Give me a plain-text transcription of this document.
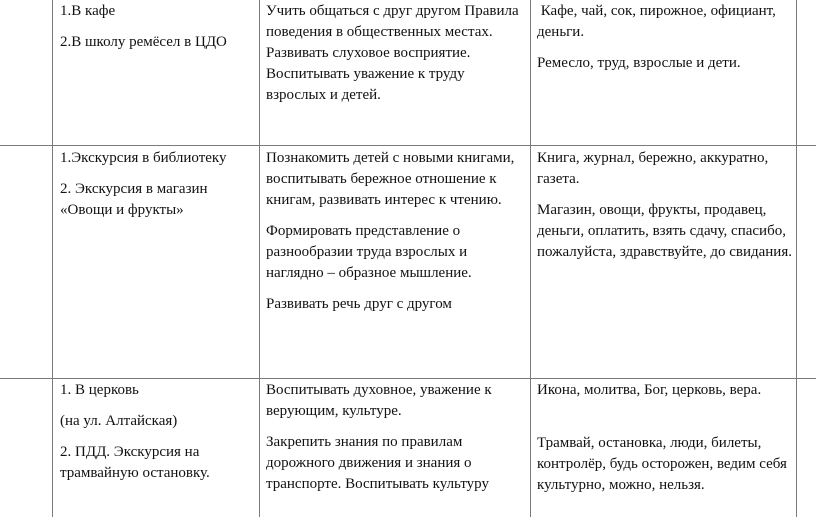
1.В кафе

2.В школу ремёсел в ЦДО

Учить общаться с друг другом Правила поведения в общественных местах. Развивать слуховое восприятие. Воспитывать уважение к труду взрослых и детей.

Кафе, чай, сок, пирожное, официант, деньги.

Ремесло, труд, взрослые и дети.

1.Экскурсия в библиотеку

2. Экскурсия в магазин «Овощи и фрукты»

Познакомить детей с новыми книгами, воспитывать бережное отношение к книгам, развивать интерес к чтению.

Формировать представление о разнообразии труда взрослых и наглядно – образное мышление.

Развивать речь друг с другом

Книга, журнал, бережно, аккуратно, газета.

Магазин, овощи, фрукты, продавец, деньги, оплатить, взять сдачу, спасибо, пожалуйста, здравствуйте, до свидания.

1. В церковь

(на ул. Алтайская)

2. ПДД. Экскурсия на трамвайную остановку.

Воспитывать духовное, уважение к верующим, культуре.

Закрепить знания по правилам дорожного движения и знания о транспорте. Воспитывать культуру

Икона, молитва, Бог, церковь, вера.

Трамвай, остановка, люди, билеты, контролёр, будь осторожен, ведим себя культурно, можно, нельзя.
